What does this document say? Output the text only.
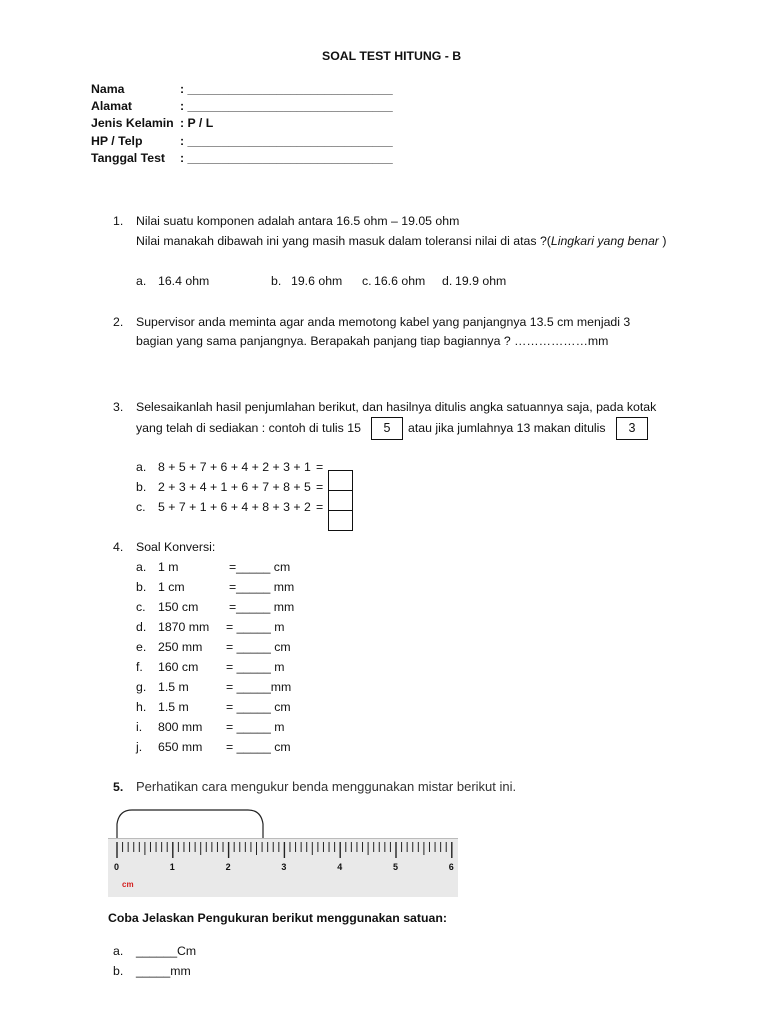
SOAL TEST HITUNG - B
Nama	: ______________________________
Alamat	: ______________________________
Jenis Kelamin : P / L
HP / Telp	: ______________________________
Tanggal Test : ______________________________
1. Nilai suatu komponen adalah antara 16.5 ohm – 19.05 ohm
Nilai manakah dibawah ini yang masih masuk dalam toleransi nilai di atas ?(Lingkari yang benar )
a. 16.4 ohm	b. 19.6 ohm c. 16.6 ohm d. 19.9 ohm
2. Supervisor anda meminta agar anda memotong kabel yang panjangnya 13.5 cm menjadi 3
bagian yang sama panjangnya. Berapakah panjang tiap bagiannya ? ………………mm
3. Selesaikanlah hasil penjumlahan berikut, dan hasilnya ditulis angka satuannya saja, pada kotak
yang telah di sediakan : contoh di tulis 15	5	atau jika jumlahnya 13 makan ditulis	3
a. 8 + 5 + 7 + 6 + 4 + 2 + 3 + 1 =
b. 2 + 3 + 4 + 1 + 6 + 7 + 8 + 5 =
c. 5 + 7 + 1 + 6 + 4 + 8 + 3 + 2 =
4. Soal Konversi:
a. 1 m	=_____ cm
b. 1 cm	=_____ mm
c. 150 cm =_____ mm
d. 1870 mm = _____ m
e. 250 mm = _____ cm
f. 160 cm = _____ m
g. 1.5 m	= _____mm
h. 1.5 m	= _____ cm
i. 800 mm = _____ m
j. 650 mm = _____ cm
5. Perhatikan cara mengukur benda menggunakan mistar berikut ini.
0	1	2	3	4	5	6
cm
Coba Jelaskan Pengukuran berikut menggunakan satuan:
a. ______Cm
b. _____mm
